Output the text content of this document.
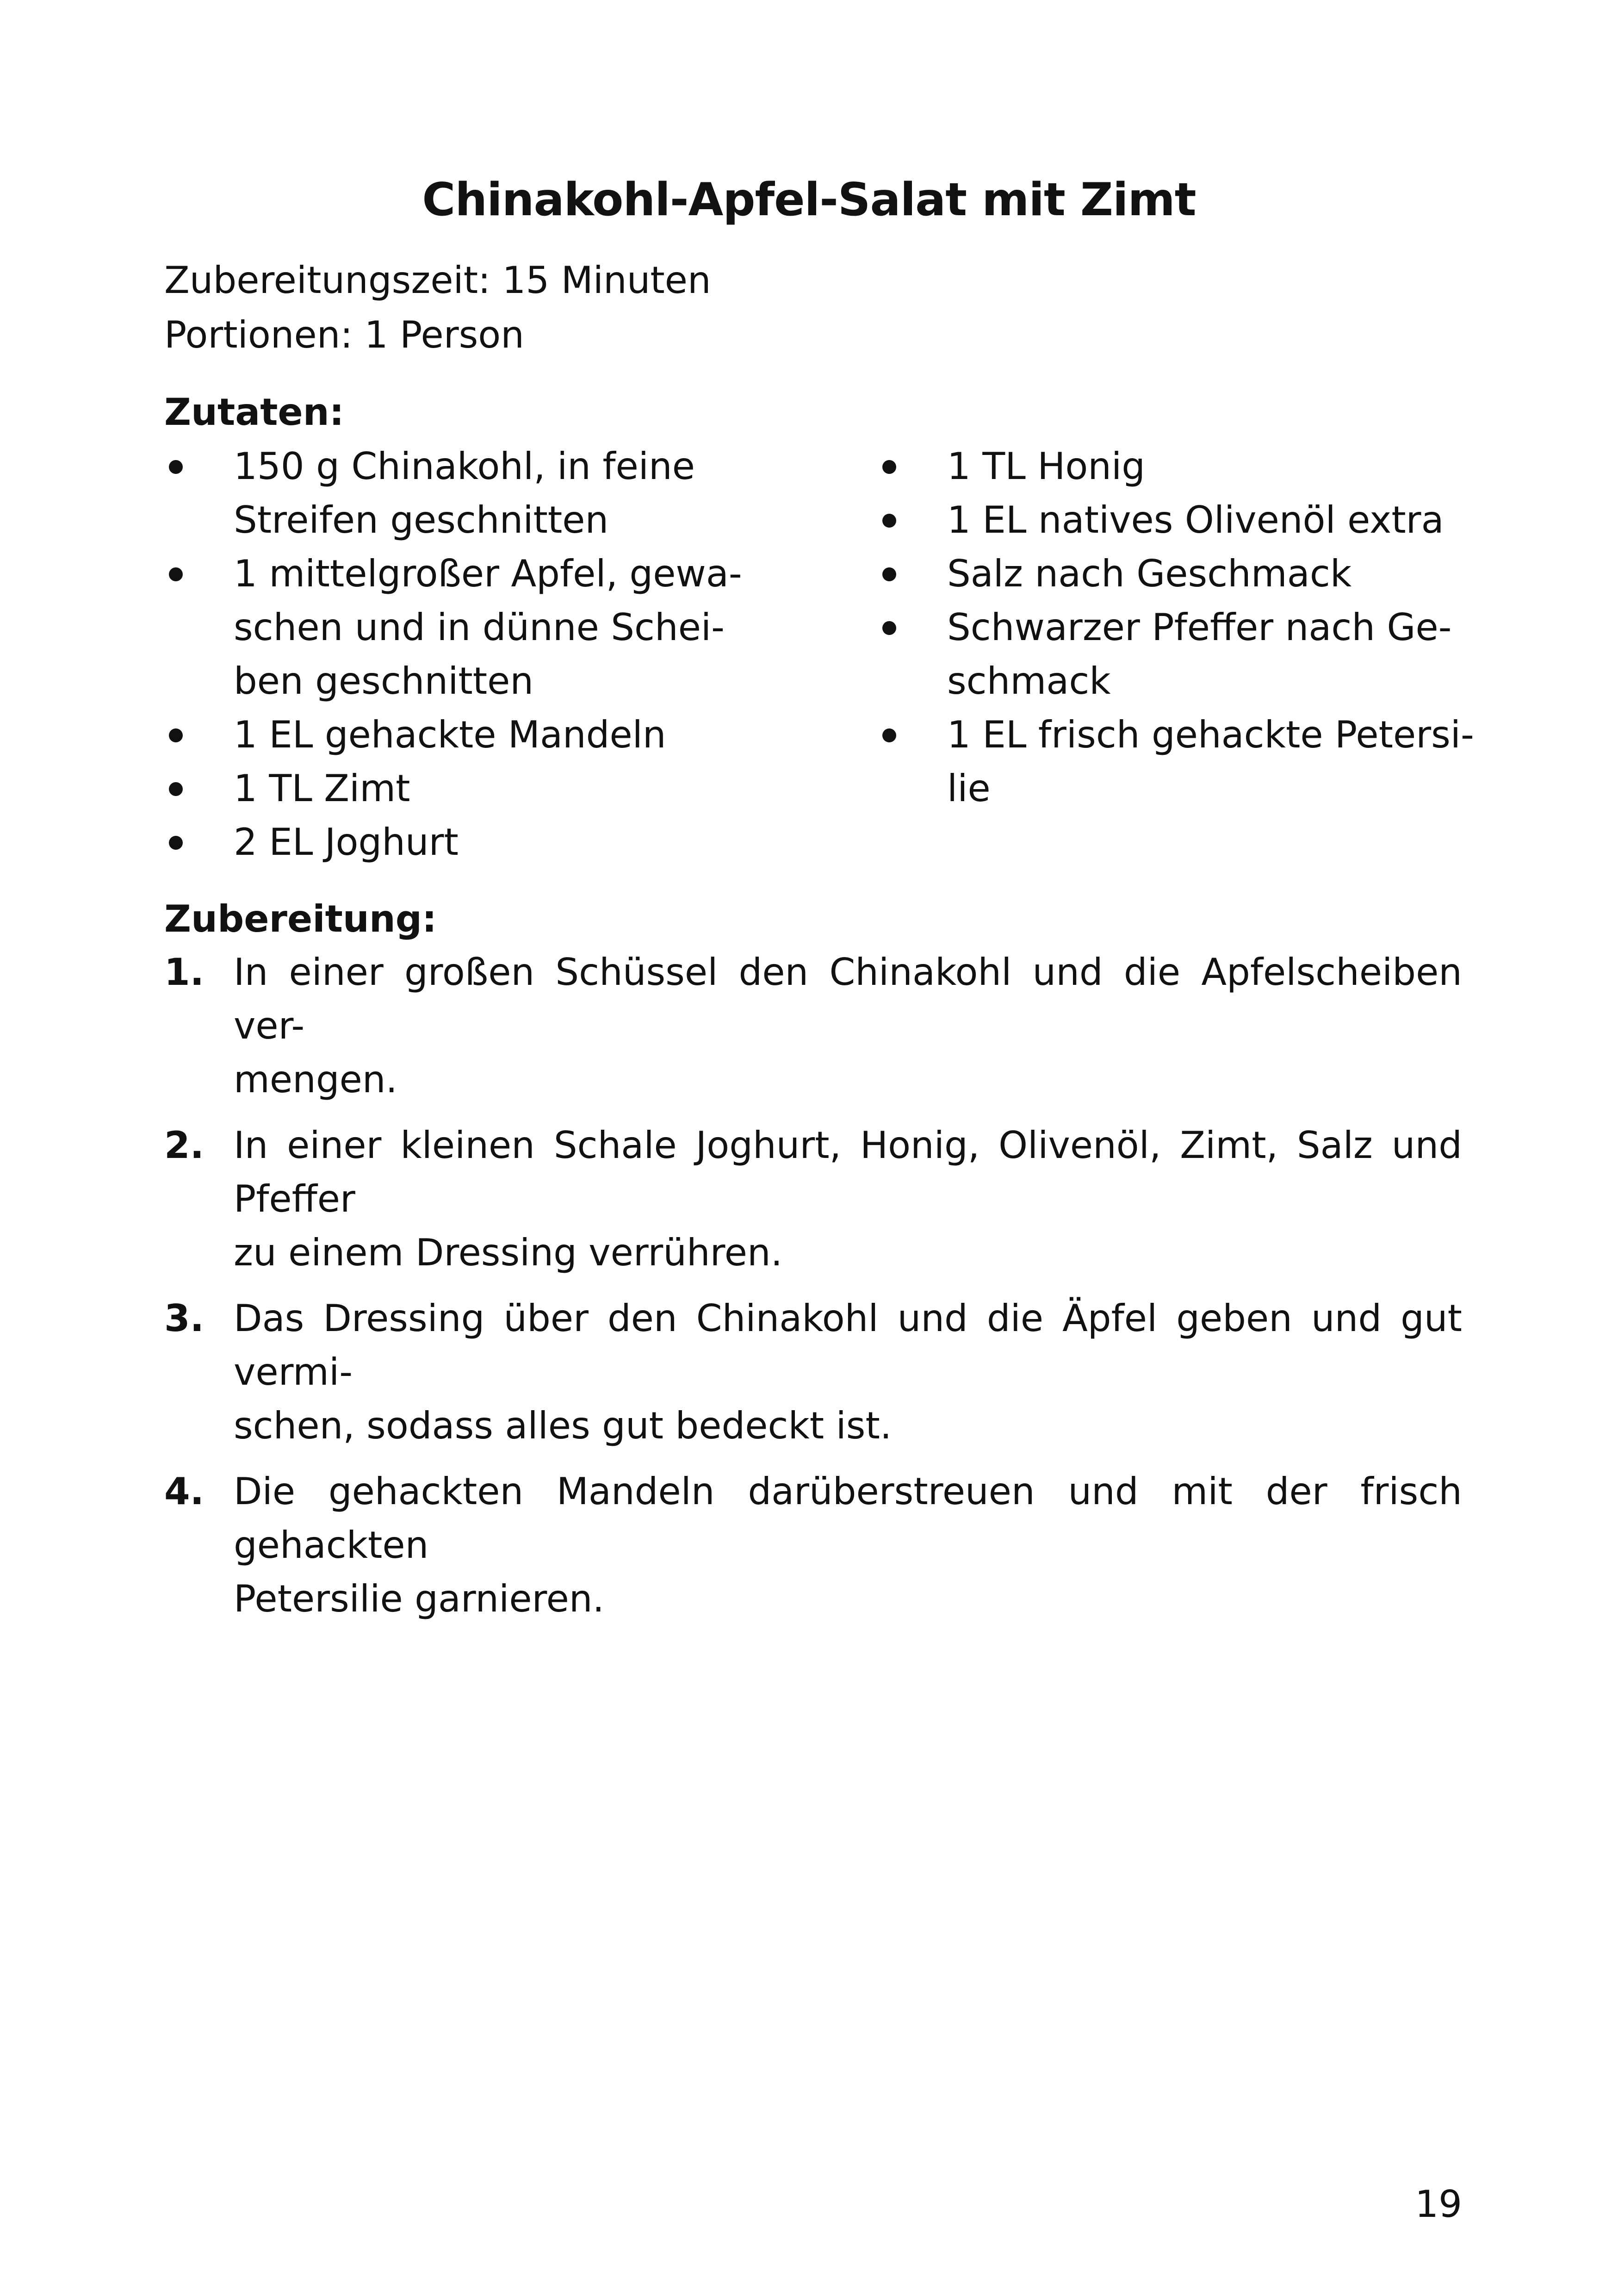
Chinakohl-Apfel-Salat mit Zimt
Zubereitungszeit: 15 Minuten
Portionen: 1 Person
Zutaten:
150 g Chinakohl, in feine
Streifen geschnitten
1 mittelgroßer Apfel, gewa-
schen und in dünne Schei-
ben geschnitten
1 EL gehackte Mandeln
1 TL Zimt
2 EL Joghurt
1 TL Honig
1 EL natives Olivenöl extra
Salz nach Geschmack
Schwarzer Pfeffer nach Ge-
schmack
1 EL frisch gehackte Petersi-
lie
Zubereitung:
1. In einer großen Schüssel den Chinakohl und die Apfelscheiben ver-
mengen.
2. In einer kleinen Schale Joghurt, Honig, Olivenöl, Zimt, Salz und Pfeffer
zu einem Dressing verrühren.
3. Das Dressing über den Chinakohl und die Äpfel geben und gut vermi-
schen, sodass alles gut bedeckt ist.
4. Die gehackten Mandeln darüberstreuen und mit der frisch gehackten
Petersilie garnieren.
19
